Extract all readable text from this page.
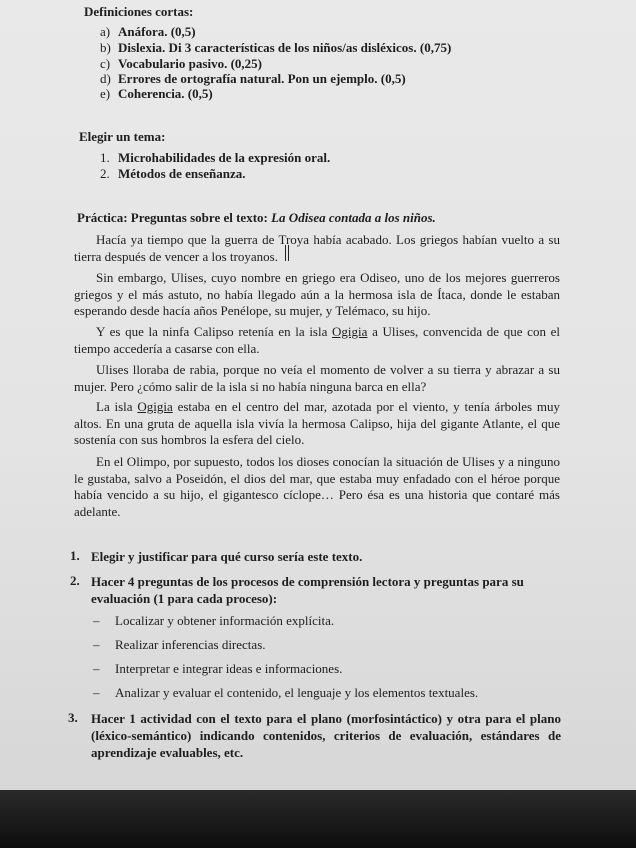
Definiciones cortas:
a) Anáfora. (0,5)
b) Dislexia. Di 3 características de los niños/as disléxicos. (0,75)
c) Vocabulario pasivo. (0,25)
d) Errores de ortografía natural. Pon un ejemplo. (0,5)
e) Coherencia. (0,5)
Elegir un tema:
1. Microhabilidades de la expresión oral.
2. Métodos de enseñanza.
Práctica: Preguntas sobre el texto: La Odisea contada a los niños.
Hacía ya tiempo que la guerra de Troya había acabado. Los griegos habían vuelto a su tierra después de vencer a los troyanos.
Sin embargo, Ulises, cuyo nombre en griego era Odiseo, uno de los mejores guerreros griegos y el más astuto, no había llegado aún a la hermosa isla de Ítaca, donde le estaban esperando desde hacía años Penélope, su mujer, y Telémaco, su hijo.
Y es que la ninfa Calipso retenía en la isla Ogigia a Ulises, convencida de que con el tiempo accedería a casarse con ella.
Ulises lloraba de rabia, porque no veía el momento de volver a su tierra y abrazar a su mujer. Pero ¿cómo salir de la isla si no había ninguna barca en ella?
La isla Ogigia estaba en el centro del mar, azotada por el viento, y tenía árboles muy altos. En una gruta de aquella isla vivía la hermosa Calipso, hija del gigante Atlante, el que sostenía con sus hombros la esfera del cielo.
En el Olimpo, por supuesto, todos los dioses conocían la situación de Ulises y a ninguno le gustaba, salvo a Poseidón, el dios del mar, que estaba muy enfadado con el héroe porque había vencido a su hijo, el gigantesco cíclope… Pero ésa es una historia que contaré más adelante.
1. Elegir y justificar para qué curso sería este texto.
2. Hacer 4 preguntas de los procesos de comprensión lectora y preguntas para su evaluación (1 para cada proceso):
– Localizar y obtener información explícita.
– Realizar inferencias directas.
– Interpretar e integrar ideas e informaciones.
– Analizar y evaluar el contenido, el lenguaje y los elementos textuales.
3. Hacer 1 actividad con el texto para el plano (morfosintáctico) y otra para el plano (léxico-semántico) indicando contenidos, criterios de evaluación, estándares de aprendizaje evaluables, etc.
